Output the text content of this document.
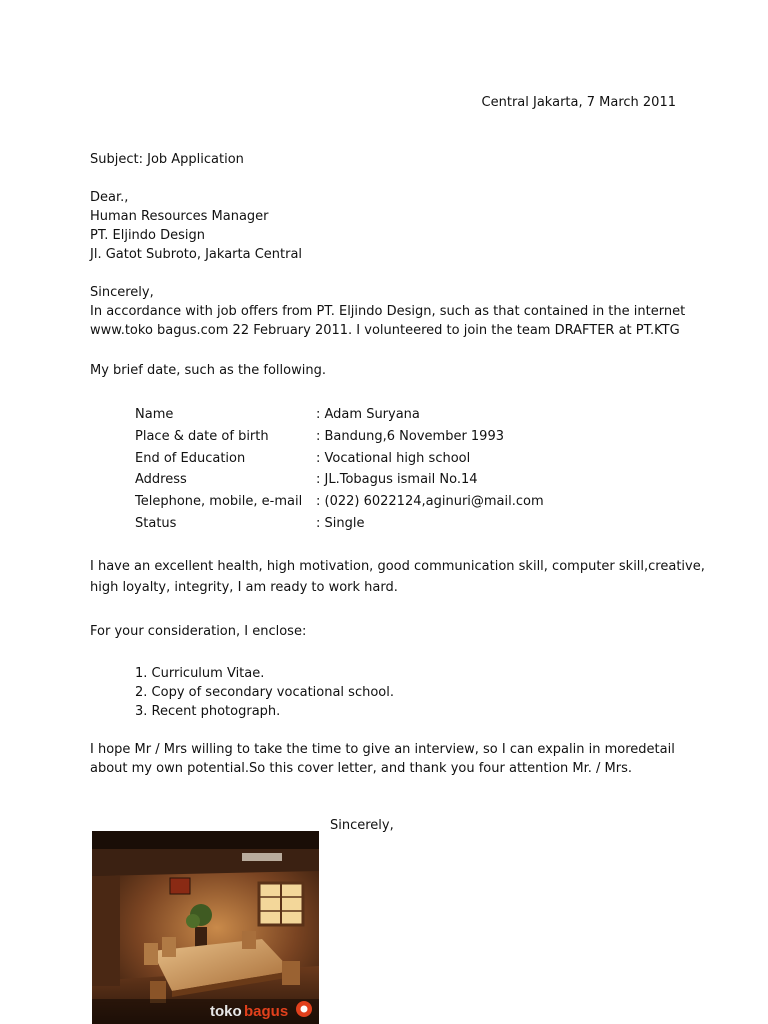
Central Jakarta, 7 March 2011
Subject: Job Application
Dear.,
Human Resources Manager
PT. Eljindo Design
Jl. Gatot Subroto, Jakarta Central
Sincerely,
In accordance with job offers from PT. Eljindo Design, such as that contained in the internet
www.toko bagus.com 22 February 2011. I volunteered to join the team DRAFTER at PT.KTG
My brief date, such as the following.
Name	: Adam Suryana
Place & date of birth	: Bandung,6 November 1993
End of Education	: Vocational high school
Address	: JL.Tobagus ismail No.14
Telephone, mobile, e-mail : (022) 6022124,aginuri@mail.com
Status	: Single
I have an excellent health, high motivation, good communication skill, computer skill,creative,
high loyalty, integrity, I am ready to work hard.
For your consideration, I enclose:
1. Curriculum Vitae.
2. Copy of secondary vocational school.
3. Recent photograph.
I hope Mr / Mrs willing to take the time to give an interview, so I can expalin in moredetail
about my own potential.So this cover letter, and thank you four attention Mr. / Mrs.
Sincerely,
toko bagus
